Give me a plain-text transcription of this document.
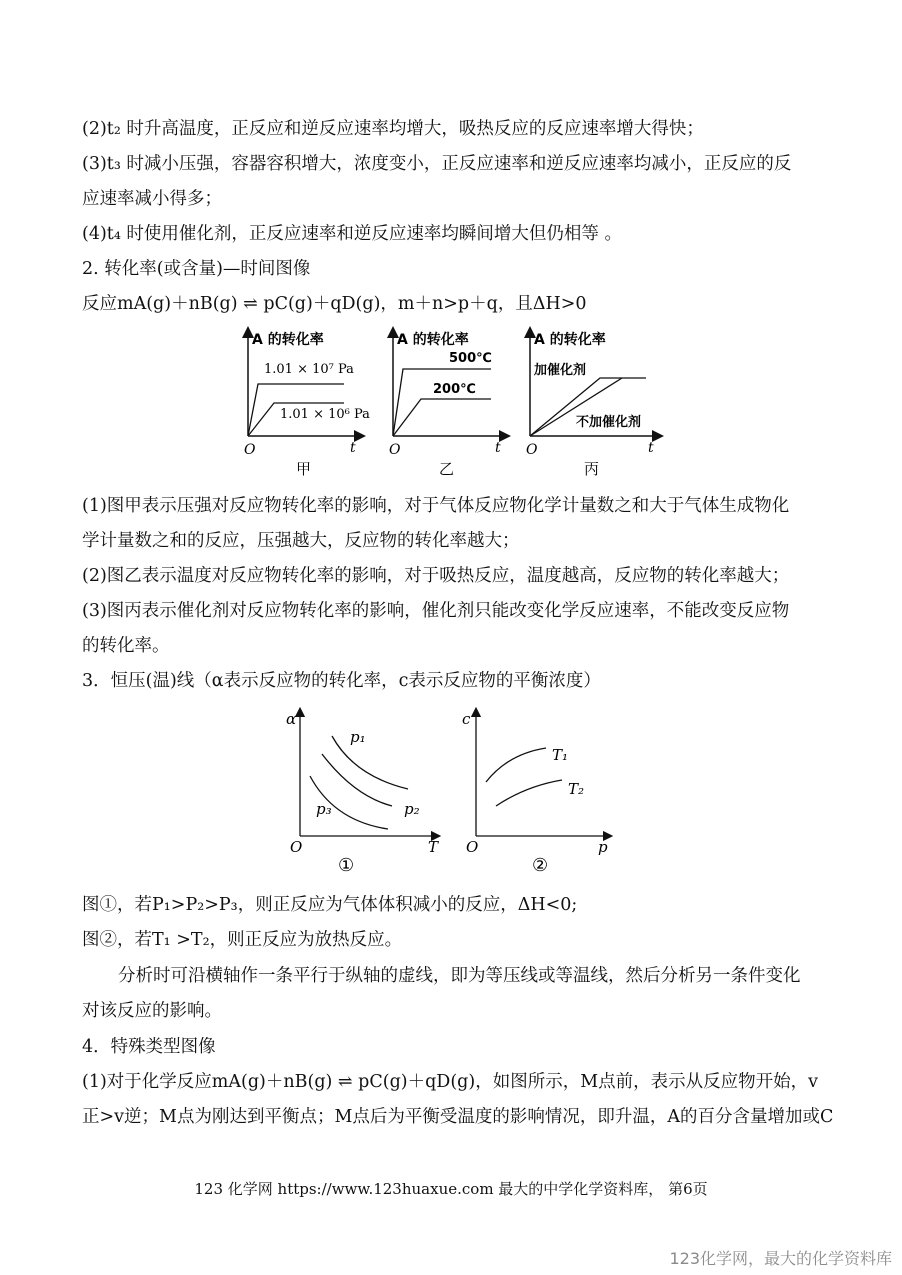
(2)t₂ 时升高温度，正反应和逆反应速率均增大，吸热反应的反应速率增大得快；
(3)t₃ 时减小压强，容器容积增大，浓度变小，正反应速率和逆反应速率均减小，正反应的反
应速率减小得多；
(4)t₄ 时使用催化剂，正反应速率和逆反应速率均瞬间增大但仍相等 。
2. 转化率(或含量)—时间图像
反应mA(g)＋nB(g) ⇌ pC(g)＋qD(g)，m＋n>p＋q，且ΔH>0
A 的转化率
O	t
1.01 × 10⁷ Pa
1.01 × 10⁶ Pa
甲
A 的转化率
O	t
500℃
200℃
乙
A 的转化率
O	t
加催化剂
不加催化剂
丙
(1)图甲表示压强对反应物转化率的影响，对于气体反应物化学计量数之和大于气体生成物化
学计量数之和的反应，压强越大，反应物的转化率越大；
(2)图乙表示温度对反应物转化率的影响，对于吸热反应，温度越高，反应物的转化率越大；
(3)图丙表示催化剂对反应物转化率的影响，催化剂只能改变化学反应速率，不能改变反应物
的转化率。
3．恒压(温)线（α表示反应物的转化率，c表示反应物的平衡浓度）
α
O	T
p₁
p₂
p₃
①
c
O	p
T₁
T₂
②
图①，若P₁>P₂>P₃，则正反应为气体体积减小的反应，ΔH<0;
图②，若T₁ >T₂，则正反应为放热反应。
分析时可沿横轴作一条平行于纵轴的虚线，即为等压线或等温线，然后分析另一条件变化
对该反应的影响。
4．特殊类型图像
(1)对于化学反应mA(g)＋nB(g) ⇌ pC(g)＋qD(g)，如图所示，M点前，表示从反应物开始，v
正>v逆；M点为刚达到平衡点；M点后为平衡受温度的影响情况，即升温，A的百分含量增加或C
123 化学网 https://www.123huaxue.com 最大的中学化学资料库， 第6页
123化学网，最大的化学资料库
